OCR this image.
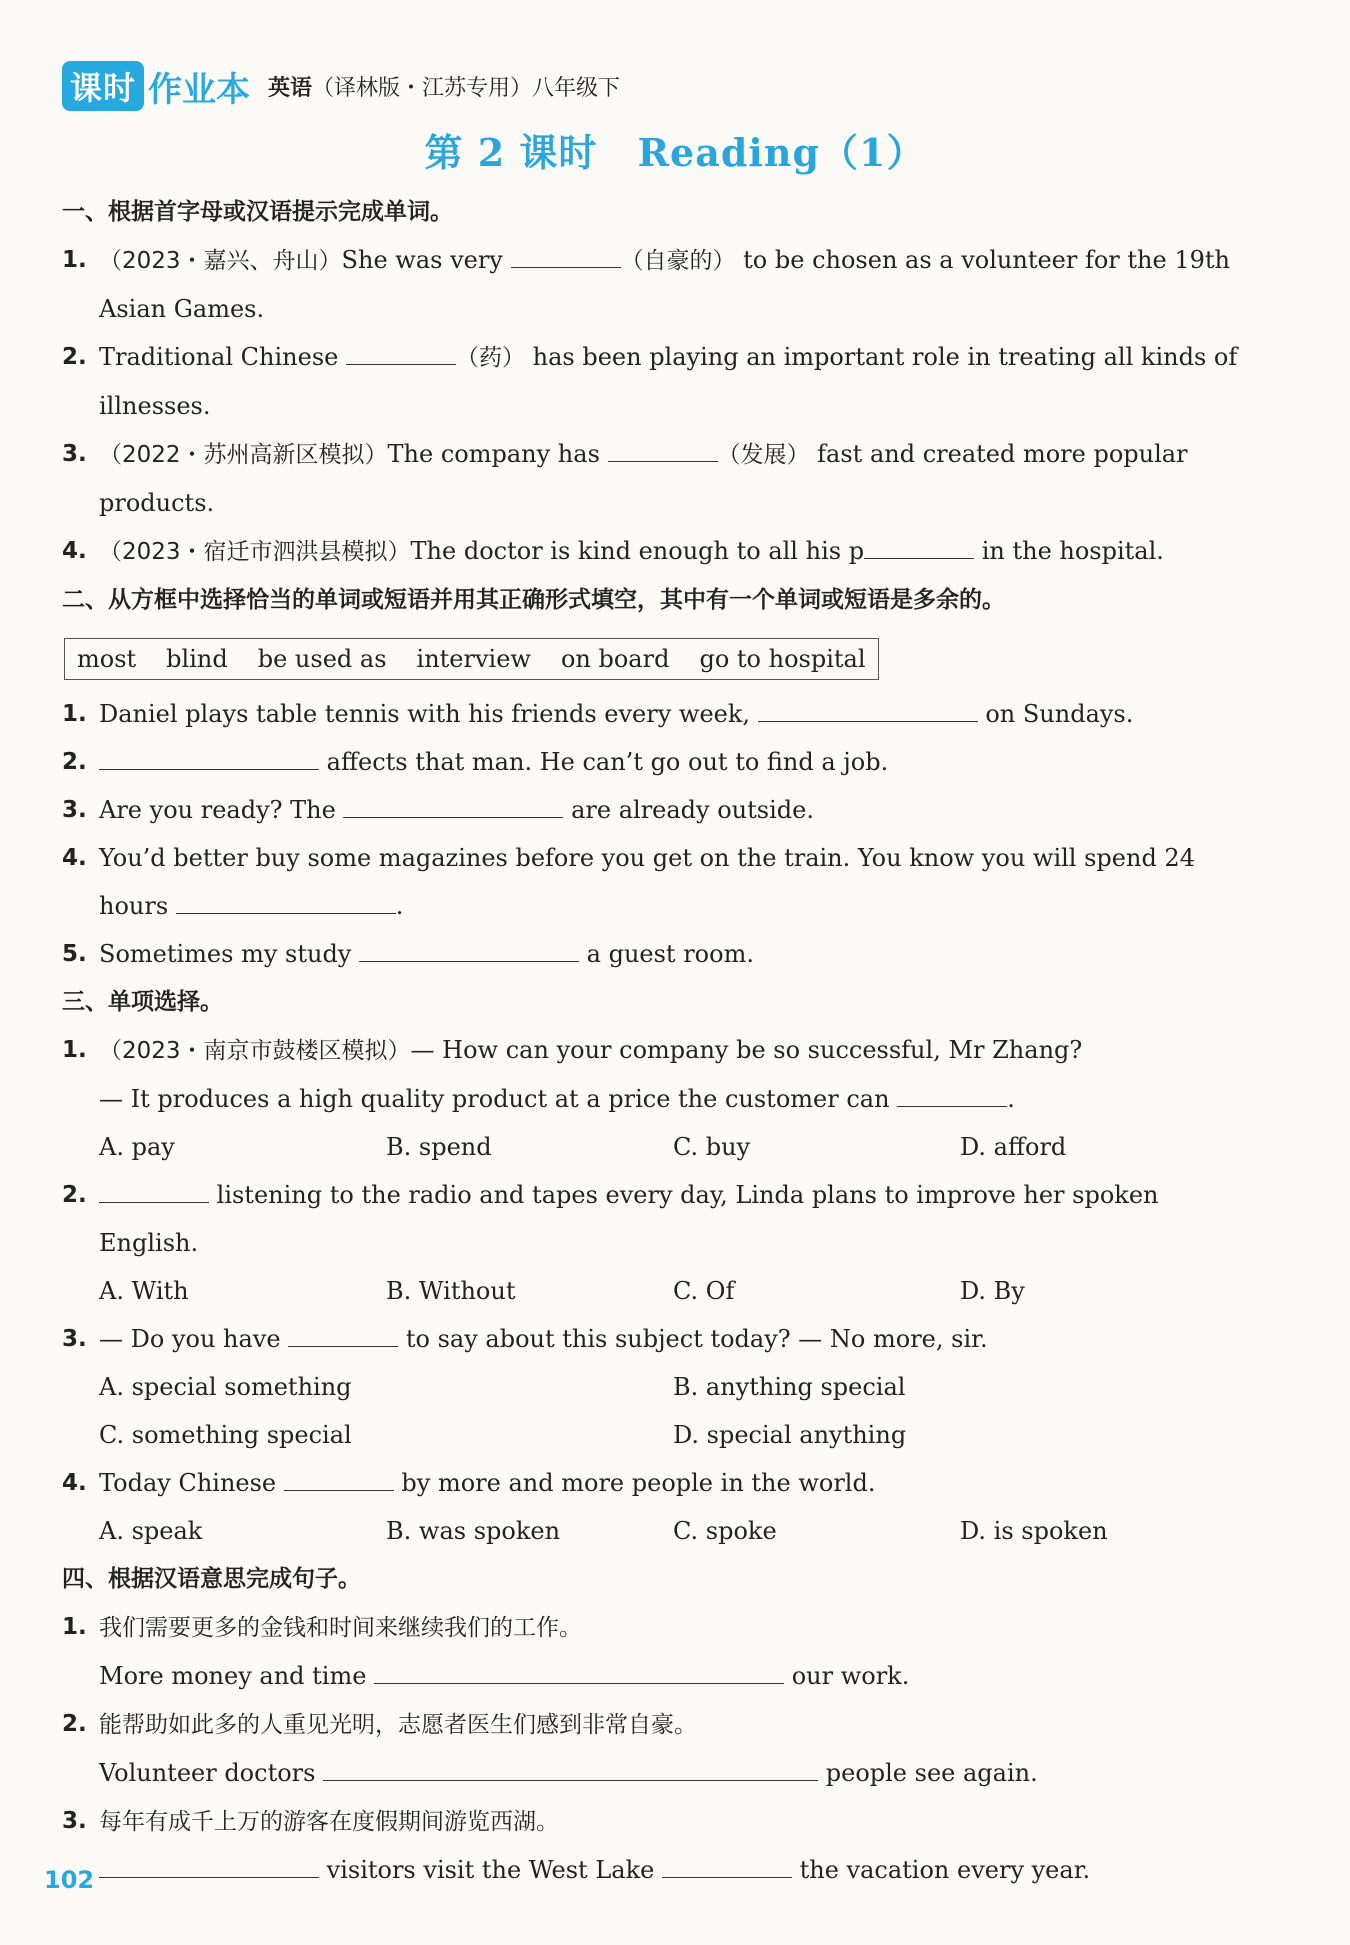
课时 作业本 英语（译林版・江苏专用）八年级下
第 2 课时 Reading（1）
一、根据首字母或汉语提示完成单词。
1. （2023・嘉兴、舟山）She was very	（自豪的） to be chosen as a volunteer for the 19th
Asian Games.
2. Traditional Chinese	（药） has been playing an important role in treating all kinds of
illnesses.
3. （2022・苏州高新区模拟）The company has	（发展） fast and created more popular
products.
4. （2023・宿迁市泗洪县模拟）The doctor is kind enough to all his p	in the hospital.
二、从方框中选择恰当的单词或短语并用其正确形式填空，其中有一个单词或短语是多余的。
most blind be used as interview on board go to hospital
1. Daniel plays table tennis with his friends every week,	on Sundays.
2.	affects that man. He can’t go out to find a job.
3. Are you ready? The	are already outside.
4. You’d better buy some magazines before you get on the train. You know you will spend 24
hours	.
5. Sometimes my study	a guest room.
三、单项选择。
1. （2023・南京市鼓楼区模拟）— How can your company be so successful, Mr Zhang?
— It produces a high quality product at a price the customer can	.
A. pay	B. spend	C. buy	D. afford
2.	listening to the radio and tapes every day, Linda plans to improve her spoken English.
A. With	B. Without	C. Of	D. By
3. — Do you have	to say about this subject today? — No more, sir.
A. special something	B. anything special
C. something special	D. special anything
4. Today Chinese	by more and more people in the world.
A. speak	B. was spoken	C. spoke	D. is spoken
四、根据汉语意思完成句子。
1. 我们需要更多的金钱和时间来继续我们的工作。
More money and time	our work.
2. 能帮助如此多的人重见光明，志愿者医生们感到非常自豪。
Volunteer doctors	people see again.
3. 每年有成千上万的游客在度假期间游览西湖。
visitors visit the West Lake	the vacation every year.
102
